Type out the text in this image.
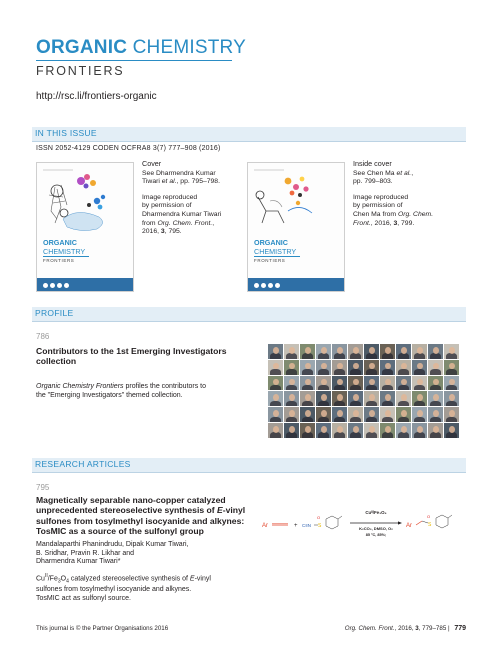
ORGANIC CHEMISTRY
FRONTIERS
http://rsc.li/frontiers-organic
IN THIS ISSUE
ISSN 2052-4129 CODEN OCFRA8 3(7) 777–908 (2016)
ORGANIC
CHEMISTRY
FRONTIERS

Cover
See Dharmendra Kumar
Tiwari et al., pp. 795–798.

Image reproduced
by permission of
Dharmendra Kumar Tiwari
from Org. Chem. Front.,
2016, 3, 795.

ORGANIC
CHEMISTRY
FRONTIERS

Inside cover
See Chen Ma et al.,
pp. 799–803.

Image reproduced
by permission of
Chen Ma from Org. Chem.
Front., 2016, 3, 799.

PROFILE
786
Contributors to the 1st Emerging Investigators
collection
Organic Chemistry Frontiers profiles the contributors to
the "Emerging Investigators" themed collection.
RESEARCH ARTICLES
795
Magnetically separable nano-copper catalyzed
unprecedented stereoselective synthesis of E-vinyl
sulfones from tosylmethyl isocyanide and alkynes:
TosMIC as a source of the sulfonyl group
Mandalaparthi Phanindrudu, Dipak Kumar Tiwari,
B. Sridhar, Pravin R. Likhar and
Dharmendra Kumar Tiwari*
$Cu^{II}/Fe_3O_4$ catalyzed stereoselective synthesis of E-vinyl
sulfones from tosylmethyl isocyanide and alkynes.
TosMIC act as sulfonyl source.
Ar	+ C≡N S
O
Cuᴵᴵ/Fe₃O₄
K₂CO₃, DMSO, O₂
85 °C, 85%;
Ar	S
O
This journal is © the Partner Organisations 2016	Org. Chem. Front., 2016, 3, 779–785 | 779
